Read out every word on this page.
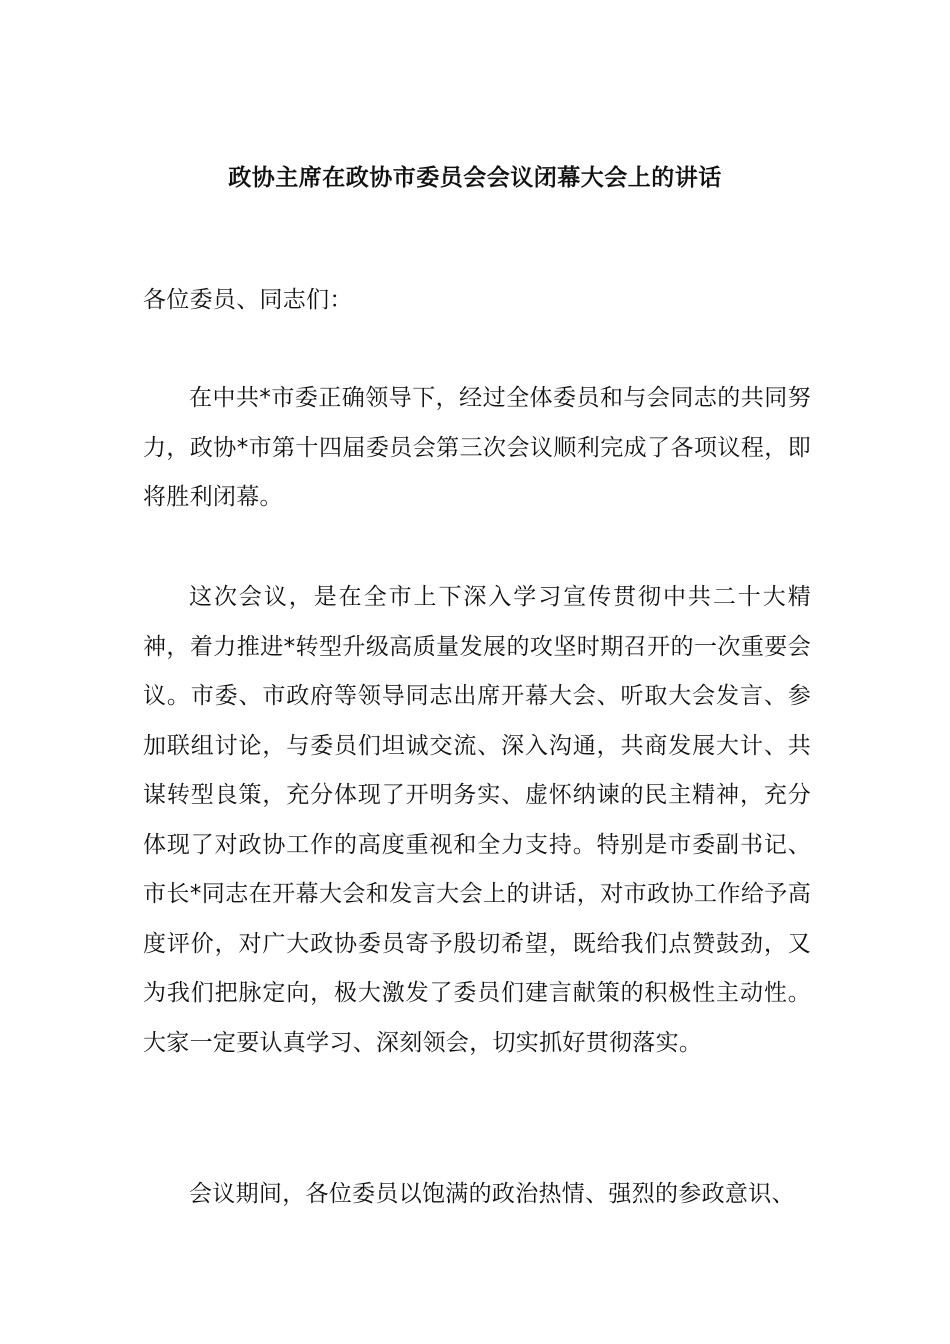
政协主席在政协市委员会会议闭幕大会上的讲话

各位委员、同志们：

在中共*市委正确领导下，经过全体委员和与会同志的共同努力，政协*市第十四届委员会第三次会议顺利完成了各项议程，即将胜利闭幕。

这次会议，是在全市上下深入学习宣传贯彻中共二十大精神，着力推进*转型升级高质量发展的攻坚时期召开的一次重要会议。市委、市政府等领导同志出席开幕大会、听取大会发言、参加联组讨论，与委员们坦诚交流、深入沟通，共商发展大计、共谋转型良策，充分体现了开明务实、虚怀纳谏的民主精神，充分体现了对政协工作的高度重视和全力支持。特别是市委副书记、市长*同志在开幕大会和发言大会上的讲话，对市政协工作给予高度评价，对广大政协委员寄予殷切希望，既给我们点赞鼓劲，又为我们把脉定向，极大激发了委员们建言献策的积极性主动性。大家一定要认真学习、深刻领会，切实抓好贯彻落实。

会议期间，各位委员以饱满的政治热情、强烈的参政意识、
